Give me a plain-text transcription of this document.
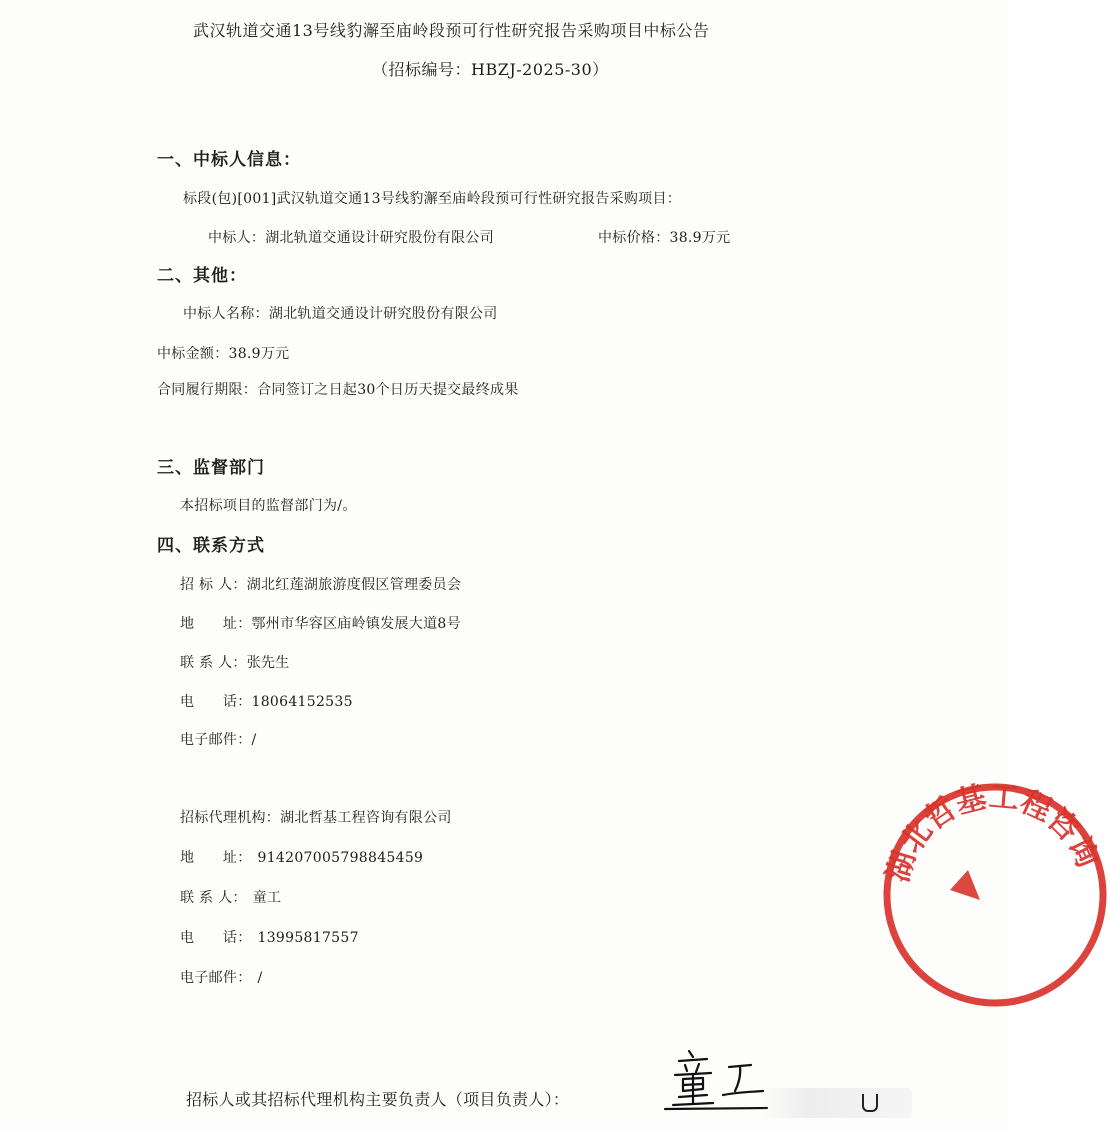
武汉轨道交通13号线豹澥至庙岭段预可行性研究报告采购项目中标公告
（招标编号：HBZJ-2025-30）
一、中标人信息：
标段(包)[001]武汉轨道交通13号线豹澥至庙岭段预可行性研究报告采购项目：
中标人：湖北轨道交通设计研究股份有限公司	中标价格：38.9万元
二、其他：
中标人名称：湖北轨道交通设计研究股份有限公司
中标金额：38.9万元
合同履行期限：合同签订之日起30个日历天提交最终成果
三、监督部门
本招标项目的监督部门为/。
四、联系方式
招 标 人：湖北红莲湖旅游度假区管理委员会
地　　址：鄂州市华容区庙岭镇发展大道8号
联 系 人：张先生
电　　话：18064152535
电子邮件：/
招标代理机构：湖北哲基工程咨询有限公司
地　　址： 914207005798845459
联 系 人： 童工
电　　话： 13995817557
电子邮件： /
招标人或其招标代理机构主要负责人（项目负责人）：
湖北哲基工程咨询
